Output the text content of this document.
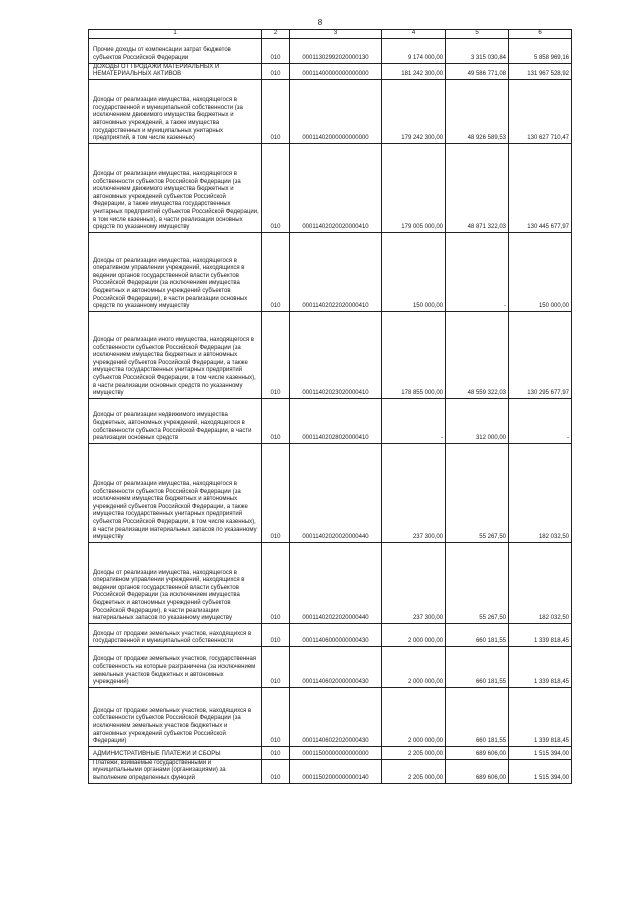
8
1	2	3	4	5	6
Прочие доходы от компенсации затрат бюджетов субъектов Российской Федерации	010	00011302992020000130	9 174 000,00	3 315 030,84	5 858 969,16
ДОХОДЫ ОТ ПРОДАЖИ МАТЕРИАЛЬНЫХ И НЕМАТЕРИАЛЬНЫХ АКТИВОВ	010	00011400000000000000	181 242 300,00	49 586 771,08	131 967 528,92
Доходы от реализации имущества, находящегося в государственной и муниципальной собственности (за исключением движимого имущества бюджетных и автономных учреждений, а также имущества государственных и муниципальных унитарных предприятий, в том числе казенных)	010	00011402000000000000	179 242 300,00	48 926 589,53	130 627 710,47
Доходы от реализации имущества, находящегося в собственности субъектов Российской Федерации (за исключением движимого имущества бюджетных и автономных учреждений субъектов Российской Федерации, а также имущества государственных унитарных предприятий субъектов Российской Федерации, в том числе казенных), в части реализации основных средств по указанному имуществу	010	00011402020020000410	179 005 000,00	48 871 322,03	130 445 677,97
Доходы от реализации имущества, находящегося в оперативном управлении учреждений, находящихся в ведении органов государственной власти субъектов Российской Федерации (за исключением имущества бюджетных и автономных учреждений субъектов Российской Федерации), в части реализации основных средств по указанному имуществу	010	00011402022020000410	150 000,00	-	150 000,00
Доходы от реализации иного имущества, находящегося в собственности субъектов Российской Федерации (за исключением имущества бюджетных и автономных учреждений субъектов Российской Федерации, а также имущества государственных унитарных предприятий субъектов Российской Федерации, в том числе казенных), в части реализации основных средств по указанному имуществу	010	00011402023020000410	178 855 000,00	48 559 322,03	130 295 677,97
Доходы от реализации недвижимого имущества бюджетных, автономных учреждений, находящегося в собственности субъекта Российской Федерации, в части реализации основных средств	010	00011402028020000410	-	312 000,00	-
Доходы от реализации имущества, находящегося в собственности субъектов Российской Федерации (за исключением имущества бюджетных и автономных учреждений субъектов Российской Федерации, а также имущества государственных унитарных предприятий субъектов Российской Федерации, в том числе казенных), в части реализации материальных запасов по указанному имуществу	010	00011402020020000440	237 300,00	55 267,50	182 032,50
Доходы от реализации имущества, находящегося в оперативном управлении учреждений, находящихся в ведении органов государственной власти субъектов Российской Федерации (за исключением имущества бюджетных и автономных учреждений субъектов Российской Федерации), в части реализации материальных запасов по указанному имуществу	010	00011402022020000440	237 300,00	55 267,50	182 032,50
Доходы от продажи земельных участков, находящихся в государственной и муниципальной собственности	010	00011406000000000430	2 000 000,00	660 181,55	1 339 818,45
Доходы от продажи земельных участков, государственная собственность на которые разграничена (за исключением земельных участков бюджетных и автономных учреждений)	010	00011406020000000430	2 000 000,00	660 181,55	1 339 818,45
Доходы от продажи земельных участков, находящихся в собственности субъектов Российской Федерации (за исключением земельных участков бюджетных и автономных учреждений субъектов Российской Федерации)	010	00011406022020000430	2 000 000,00	660 181,55	1 339 818,45
АДМИНИСТРАТИВНЫЕ ПЛАТЕЖИ И СБОРЫ	010	00011500000000000000	2 205 000,00	689 606,00	1 515 394,00
Платежи, взимаемые государственными и муниципальными органами (организациями) за выполнение определенных функций	010	00011502000000000140	2 205 000,00	689 606,00	1 515 394,00
